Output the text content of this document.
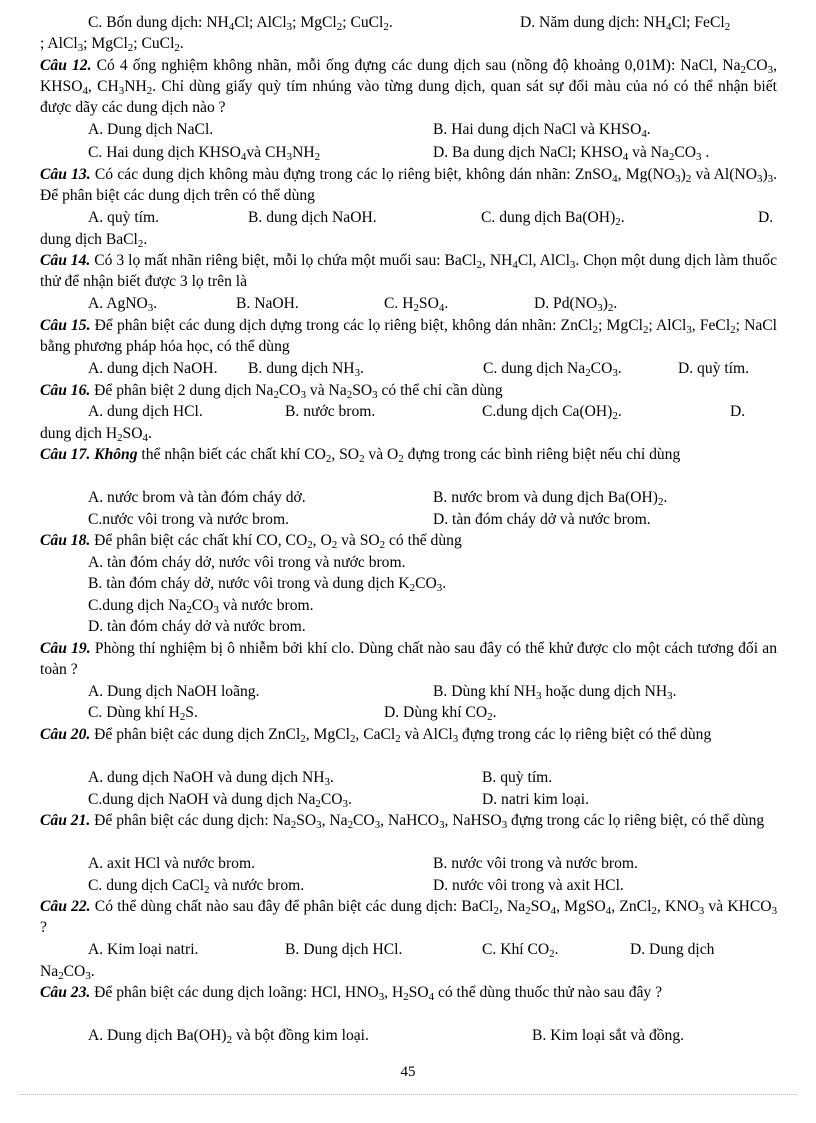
C. Bốn dung dịch: $NH_4Cl$; AlCl$_3$; MgCl$_2$; CuCl$_2$.	D. Năm dung dịch: $NH_4Cl$; FeCl$_2$
; AlCl$_3$; MgCl$_2$; CuCl$_2$.

Câu 12. Có 4 ống nghiệm không nhãn, mỗi ống đựng các dung dịch sau (nồng độ khoảng 0,01M): NaCl, $Na_2CO_3$, $KHSO_4$, $CH_3NH_2$. Chỉ dùng giấy quỳ tím nhúng vào từng dung dịch, quan sát sự đổi màu của nó có thể nhận biết được dãy các dung dịch nào ?

A. Dung dịch NaCl.	B. Hai dung dịch NaCl và $KHSO_4$.
C. Hai dung dịch $KHSO_4và$ $CH_3NH_2$	D. Ba dung dịch NaCl; $KHSO_4$ và $Na_2CO_3$ .

Câu 13. Có các dung dịch không màu đựng trong các lọ riêng biệt, không dán nhãn: ZnSO$_4$, $Mg(NO_3)_2$ và $Al(NO_3)_3$. Để phân biệt các dung dịch trên có thể dùng

A. quỳ tím.	B. dung dịch NaOH.	C. dung dịch $Ba(OH)_2$.	D.
dung dịch BaCl$_2$.

Câu 14. Có 3 lọ mất nhãn riêng biệt, mỗi lọ chứa một muối sau: BaCl$_2$, $NH_4Cl$, AlCl$_3$. Chọn một dung dịch làm thuốc thử để nhận biết được 3 lọ trên là

A. AgNO$_3$.	B. NaOH.	C. $H_2SO_4$.	D. $Pd(NO_3)_2$.

Câu 15. Để phân biệt các dung dịch dựng trong các lọ riêng biệt, không dán nhãn: ZnCl$_2$; MgCl$_2$; AlCl$_3$, FeCl$_2$; NaCl bằng phương pháp hóa học, có thể dùng

A. dung dịch NaOH. B. dung dịch $NH_3$.	C. dung dịch $Na_2CO_3$.	D. quỳ tím.

Câu 16. Để phân biệt 2 dung dịch $Na_2CO_3$ và $Na_2SO_3$ có thể chỉ cần dùng

A. dung dịch HCl.	B. nước brom.	C.dung dịch $Ca(OH)_2$.	D.
dung dịch $H_2SO_4$.

Câu 17. Không thể nhận biết các chất khí $CO_2$, $SO_2$ và $O_2$ đựng trong các bình riêng biệt nếu chỉ dùng

A. nước brom và tàn đóm cháy dở.	B. nước brom và dung dịch $Ba(OH)_2$.
C.nước vôi trong và nước brom.	D. tàn đóm cháy dở và nước brom.

Câu 18. Để phân biệt các chất khí CO, $CO_2$, $O_2$ và $SO_2$ có thể dùng

A. tàn đóm cháy dở, nước vôi trong và nước brom.
B. tàn đóm cháy dở, nước vôi trong và dung dịch $K_2CO_3$.
C.dung dịch $Na_2CO_3$ và nước brom.
D. tàn đóm cháy dở và nước brom.

Câu 19. Phòng thí nghiệm bị ô nhiễm bởi khí clo. Dùng chất nào sau đây có thể khử được clo một cách tương đối an toàn ?

A. Dung dịch NaOH loãng.	B. Dùng khí $NH_3$ hoặc dung dịch $NH_3$.
C. Dùng khí $H_2S$.	D. Dùng khí $CO_2$.

Câu 20. Để phân biệt các dung dịch ZnCl$_2$, MgCl$_2$, CaCl$_2$ và AlCl$_3$ đựng trong các lọ riêng biệt có thể dùng

A. dung dịch NaOH và dung dịch $NH_3$.	B. quỳ tím.
C.dung dịch NaOH và dung dịch $Na_2CO_3$.	D. natri kim loại.

Câu 21. Để phân biệt các dung dịch: $Na_2SO_3$, $Na_2CO_3$, NaHCO$_3$, NaHSO$_3$ đựng trong các lọ riêng biệt, có thể dùng

A. axit HCl và nước brom.	B. nước vôi trong và nước brom.
C. dung dịch CaCl$_2$ và nước brom.	D. nước vôi trong và axit HCl.

Câu 22. Có thể dùng chất nào sau đây để phân biệt các dung dịch: BaCl$_2$, $Na_2SO_4$, MgSO$_4$, ZnCl$_2$, $KNO_3$ và $KHCO_3$ ?

A. Kim loại natri.	B. Dung dịch HCl.	C. Khí $CO_2$.	D. Dung dịch
$Na_2CO_3$.

Câu 23. Để phân biệt các dung dịch loãng: HCl, $HNO_3$, $H_2SO_4$ có thể dùng thuốc thử nào sau đây ?

A. Dung dịch $Ba(OH)_2$ và bột đồng kim loại.	B. Kim loại sắt và đồng.
45
